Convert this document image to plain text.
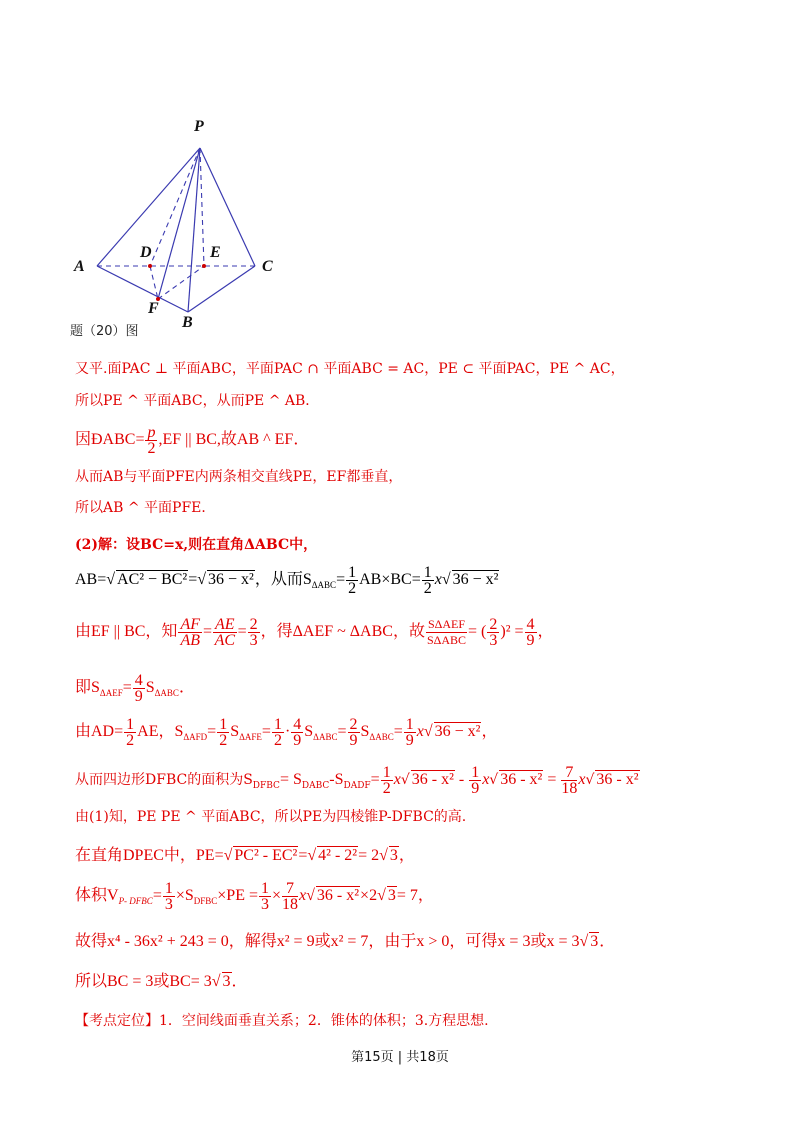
P
A	C
B
D	E
F
题（20）图
又平.面PAC ⊥ 平面ABC，平面PAC ∩ 平面ABC = AC，PE ⊂ 平面PAC，PE ^ AC，
所以PE ^ 平面ABC，从而PE ^ AB．
因ÐABC= $\frac{p}{2} ,EF$ || BC,故AB ^ EF．
从而AB与平面PFE内两条相交直线PE，EF都垂直，
所以AB ^ 平面PFE．
(2)解：设BC=x,则在直角ΔABC中，
AB=√ AC² − BC²=√ 36 − x²，从而$S_{\Delta ABC}= \frac{1}{2} AB\times BC= \frac{1}{2} x√$ 36 − x²
由EF || BC，知 $\frac{AF}{AB} = \frac{AE}{AC} = \frac{2}{3}$ ，得ΔAEF ~ ΔABC，故 $\frac{\text{SΔAEF}}{\text{SΔABC}}$ = ( $\frac{2}{3} )^2 = \frac{4}{9}$ ，
即$S_{\Delta AEF}= \frac{4}{9} S_{\Delta ABC}$．
由$AD= \frac{1}{2}$ AE，$S_{\Delta AFD}= \frac{1}{2} S_{\Delta AFE}= \frac{1}{2} \cdot \frac{4}{9} S_{\Delta ABC}= \frac{2}{9} S_{\Delta ABC}= \frac{1}{9} x√$ 36 − x²，
从而四边形DFBC的面积为$S_{DFBC}= S_{DABC}-S_{DADF}= \frac{1}{2} x√$ $36 - x^2 - \frac{1}{9} x√$ $36 - x^2 = \frac{7}{18} x√$ 36 - x²
由(1)知，PE PE ^ 平面ABC，所以PE为四棱锥P-DFBC的高.
在直角DPEC中，PE=√ PC² - EC²=√ 4² - 2²= 2√ 3，
体积$V_{P- DFBC}= \frac{1}{3} \times S_{DFBC}\times PE = \frac{1}{3} \times \frac{7}{18} x√$ 36 - x²×2√ 3= 7，
故得x⁴ - 36x² + 243 = 0，解得x² = 9或x² = 7，由于x > 0，可得x = 3或x = 3√ 3．
所以BC = 3或BC= 3√ 3．
【考点定位】1．空间线面垂直关系；2．锥体的体积；3.方程思想.
第15页 | 共18页
